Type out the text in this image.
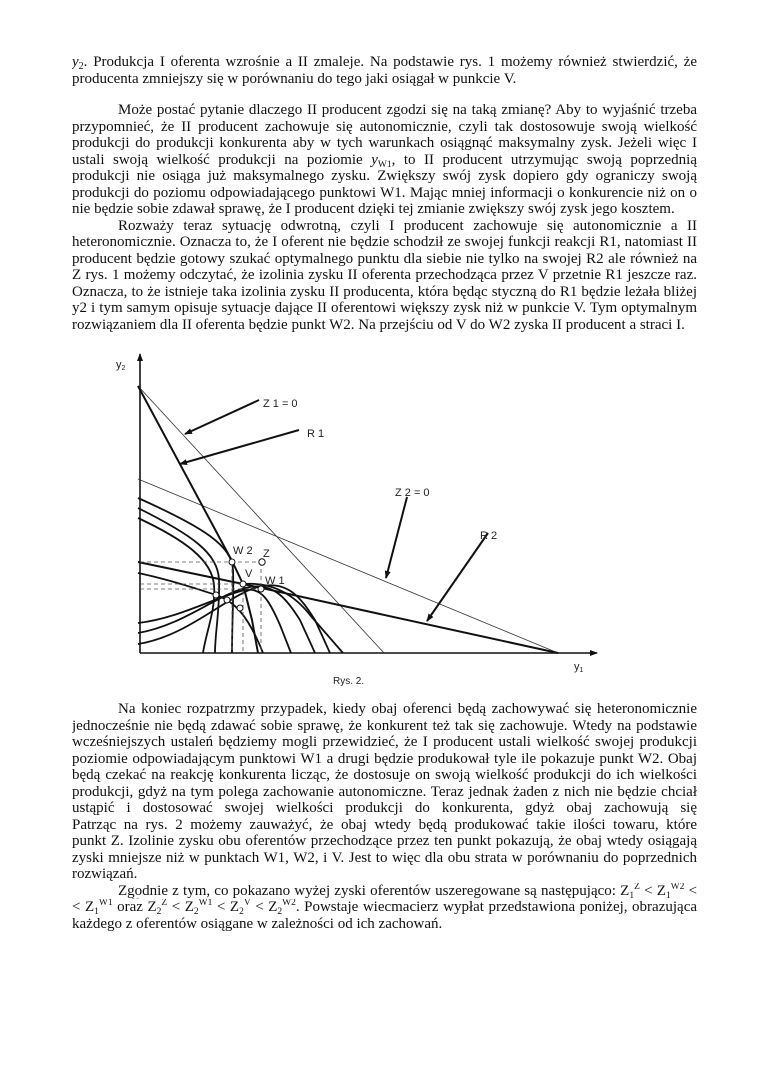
$y_2$. Produkcja I oferenta wzrośnie a II zmaleje. Na podstawie rys. 1 możemy również stwierdzić, że
producenta zmniejszy się w porównaniu do tego jaki osiągał w punkcie V.
Może postać pytanie dlaczego II producent zgodzi się na taką zmianę? Aby to wyjaśnić trzeba
przypomnieć, że II producent zachowuje się autonomicznie, czyli tak dostosowuje swoją wielkość
produkcji do produkcji konkurenta aby w tych warunkach osiągnąć maksymalny zysk. Jeżeli więc I
ustali swoją wielkość produkcji na poziomie $y_{W1}$, to II producent utrzymując swoją poprzednią
produkcji nie osiąga już maksymalnego zysku. Zwiększy swój zysk dopiero gdy ograniczy swoją
produkcji do poziomu odpowiadającego punktowi W1. Mając mniej informacji o konkurencie niż on o
nie będzie sobie zdawał sprawę, że I producent dzięki tej zmianie zwiększy swój zysk jego kosztem.
Rozważy teraz sytuację odwrotną, czyli I producent zachowuje się autonomicznie a II
heteronomicznie. Oznacza to, że I oferent nie będzie schodził ze swojej funkcji reakcji R1, natomiast II
producent będzie gotowy szukać optymalnego punktu dla siebie nie tylko na swojej R2 ale również na
Z rys. 1 możemy odczytać, że izolinia zysku II oferenta przechodząca przez V przetnie R1 jeszcze raz.
Oznacza, to że istnieje taka izolinia zysku II producenta, która będąc styczną do R1 będzie leżała bliżej
y2 i tym samym opisuje sytuacje dające II oferentowi większy zysk niż w punkcie V. Tym optymalnym
rozwiązaniem dla II oferenta będzie punkt W2. Na przejściu od V do W2 zyska II producent a straci I.
Na koniec rozpatrzmy przypadek, kiedy obaj oferenci będą zachowywać się heteronomicznie
jednocześnie nie będą zdawać sobie sprawę, że konkurent też tak się zachowuje. Wtedy na podstawie
wcześniejszych ustaleń będziemy mogli przewidzieć, że I producent ustali wielkość swojej produkcji
poziomie odpowiadającym punktowi W1 a drugi będzie produkował tyle ile pokazuje punkt W2. Obaj
będą czekać na reakcję konkurenta licząc, że dostosuje on swoją wielkość produkcji do ich wielkości
produkcji, gdyż na tym polega zachowanie autonomiczne. Teraz jednak żaden z nich nie będzie chciał
ustąpić i dostosować swojej wielkości produkcji do konkurenta, gdyż obaj zachowują się
Patrząc na rys. 2 możemy zauważyć, że obaj wtedy będą produkować takie ilości towaru, które
punkt Z. Izolinie zysku obu oferentów przechodzące przez ten punkt pokazują, że obaj wtedy osiągają
zyski mniejsze niż w punktach W1, W2, i V. Jest to więc dla obu strata w porównaniu do poprzednich
rozwiązań.
Zgodnie z tym, co pokazano wyżej zyski oferentów uszeregowane są następująco: $Z_1^Z < Z_1^{W2}$ <
< $Z_1^{W1}$ oraz $Z_2^Z < Z_2^{W1} < Z_2^V < Z_2^{W2}$. Powstaje wiecmacierz wypłat przedstawiona poniżej, obrazująca
każdego z oferentów osiągane w zależności od ich zachowań.
y2
y1
Z 1 = 0
R 1
Z 2 = 0
R 2
W 2 Z
V
W 1
Rys. 2.
